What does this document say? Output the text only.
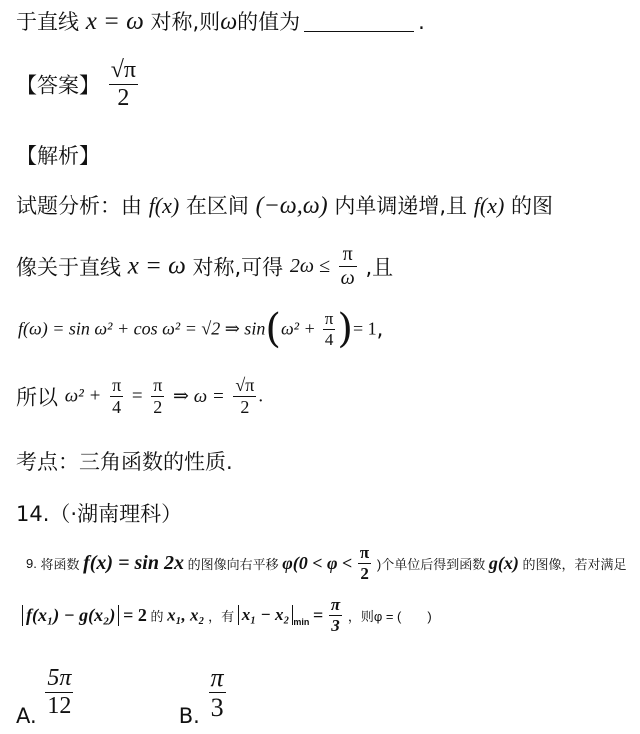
于直线 x = ω 对称,则ω的值为	.
【答案】 $\frac{√\pi}{2}$
【解析】
试题分析：由 f(x) 在区间 (−ω,ω) 内单调递增,且 f(x) 的图
像关于直线 x = ω 对称,可得 $2\omega \le \frac{\pi}{\omega}$ ,且
f(ω) = sin ω² + cos ω² = √2 ⇒ $\sin(\omega^2 + \frac{\pi}{4}$ )= 1,
所以 $\omega^2 + \frac{\pi}{4} = \frac{\pi}{2}$ ⇒ $\omega = \frac{√\pi}{2}$ .
考点：三角函数的性质.
14.（·湖南理科）
9. 将函数 f(x) = sin 2x 的图像向右平移 $\varphi(0 < \varphi < \frac{\pi}{2}$ )个单位后得到函数 g(x) 的图像，若对满足
f(x₁) − g(x₂) = 2 的 x₁, x₂ ，有 x₁ − x₂ $_{min} = \frac{\pi}{3}$ ，则φ = (　　)
A. $\frac{5\pi}{12}$	B. $\frac{\pi}{3}$
